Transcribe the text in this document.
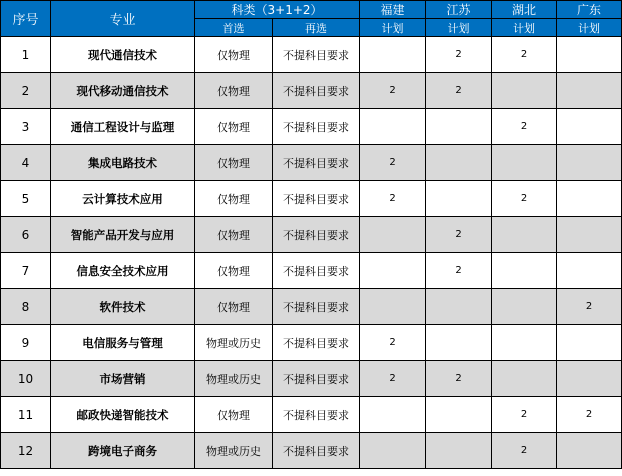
序号	专业	科类（3+1+2）		福建	江苏	湖北	广东
		首选	再选	计划	计划	计划	计划
1	现代通信技术	仅物理	不提科目要求		2	2	
2	现代移动通信技术	仅物理	不提科目要求	2	2		
3	通信工程设计与监理	仅物理	不提科目要求			2	
4	集成电路技术	仅物理	不提科目要求	2			
5	云计算技术应用	仅物理	不提科目要求	2		2	
6	智能产品开发与应用	仅物理	不提科目要求		2		
7	信息安全技术应用	仅物理	不提科目要求		2		
8	软件技术	仅物理	不提科目要求				2
9	电信服务与管理	物理或历史	不提科目要求	2			
10	市场营销	物理或历史	不提科目要求	2	2		
11	邮政快递智能技术	仅物理	不提科目要求			2	2
12	跨境电子商务	物理或历史	不提科目要求			2	
